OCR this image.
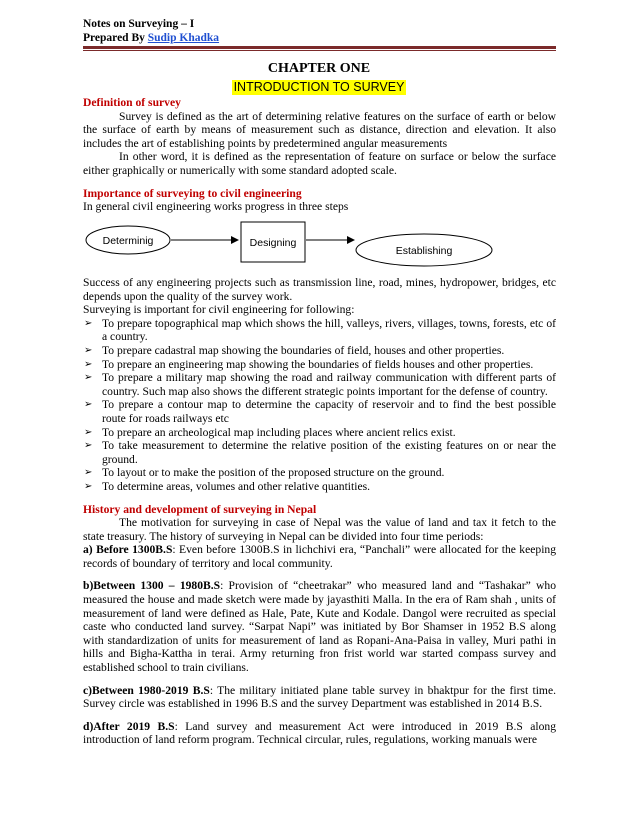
Notes on Surveying – I
Prepared By Sudip Khadka
CHAPTER ONE
INTRODUCTION TO SURVEY

Definition of survey

Survey is defined as the art of determining relative features on the surface of earth or below the surface of earth by means of measurement such as distance, direction and elevation. It also includes the art of establishing points by predetermined angular measurements

In other word, it is defined as the representation of feature on surface or below the surface either graphically or numerically with some standard adopted scale.

Importance of surveying to civil engineering

In general civil engineering works progress in three steps

Determinig	Designing
Establishing

Success of any engineering projects such as transmission line, road, mines, hydropower, bridges, etc depends upon the quality of the survey work.

Surveying is important for civil engineering for following:

➢ To prepare topographical map which shows the hill, valleys, rivers, villages, towns, forests, etc of a country.
➢ To prepare cadastral map showing the boundaries of field, houses and other properties.
➢ To prepare an engineering map showing the boundaries of fields houses and other properties.
➢ To prepare a military map showing the road and railway communication with different parts of country. Such map also shows the different strategic points important for the defense of country.
➢ To prepare a contour map to determine the capacity of reservoir and to find the best possible route for roads railways etc
➢ To prepare an archeological map including places where ancient relics exist.
➢ To take measurement to determine the relative position of the existing features on or near the ground.
➢ To layout or to make the position of the proposed structure on the ground.
➢ To determine areas, volumes and other relative quantities.

History and development of surveying in Nepal

The motivation for surveying in case of Nepal was the value of land and tax it fetch to the state treasury. The history of surveying in Nepal can be divided into four time periods:

a) Before 1300B.S: Even before 1300B.S in lichchivi era, “Panchali” were allocated for the keeping records of boundary of territory and local community.

b)Between 1300 – 1980B.S: Provision of “cheetrakar” who measured land and “Tashakar” who measured the house and made sketch were made by jayasthiti Malla. In the era of Ram shah , units of measurement of land were defined as Hale, Pate, Kute and Kodale. Dangol were recruited as special caste who conducted land survey. “Sarpat Napi” was initiated by Bor Shamser in 1952 B.S along with standardization of units for measurement of land as Ropani-Ana-Paisa in valley, Muri pathi in hills and Bigha-Kattha in terai. Army returning fron frist world war started compass survey and established school to train civilians.

c)Between 1980-2019 B.S: The military initiated plane table survey in bhaktpur for the first time. Survey circle was established in 1996 B.S and the survey Department was established in 2014 B.S.

d)After 2019 B.S: Land survey and measurement Act were introduced in 2019 B.S along introduction of land reform program. Technical circular, rules, regulations, working manuals were
